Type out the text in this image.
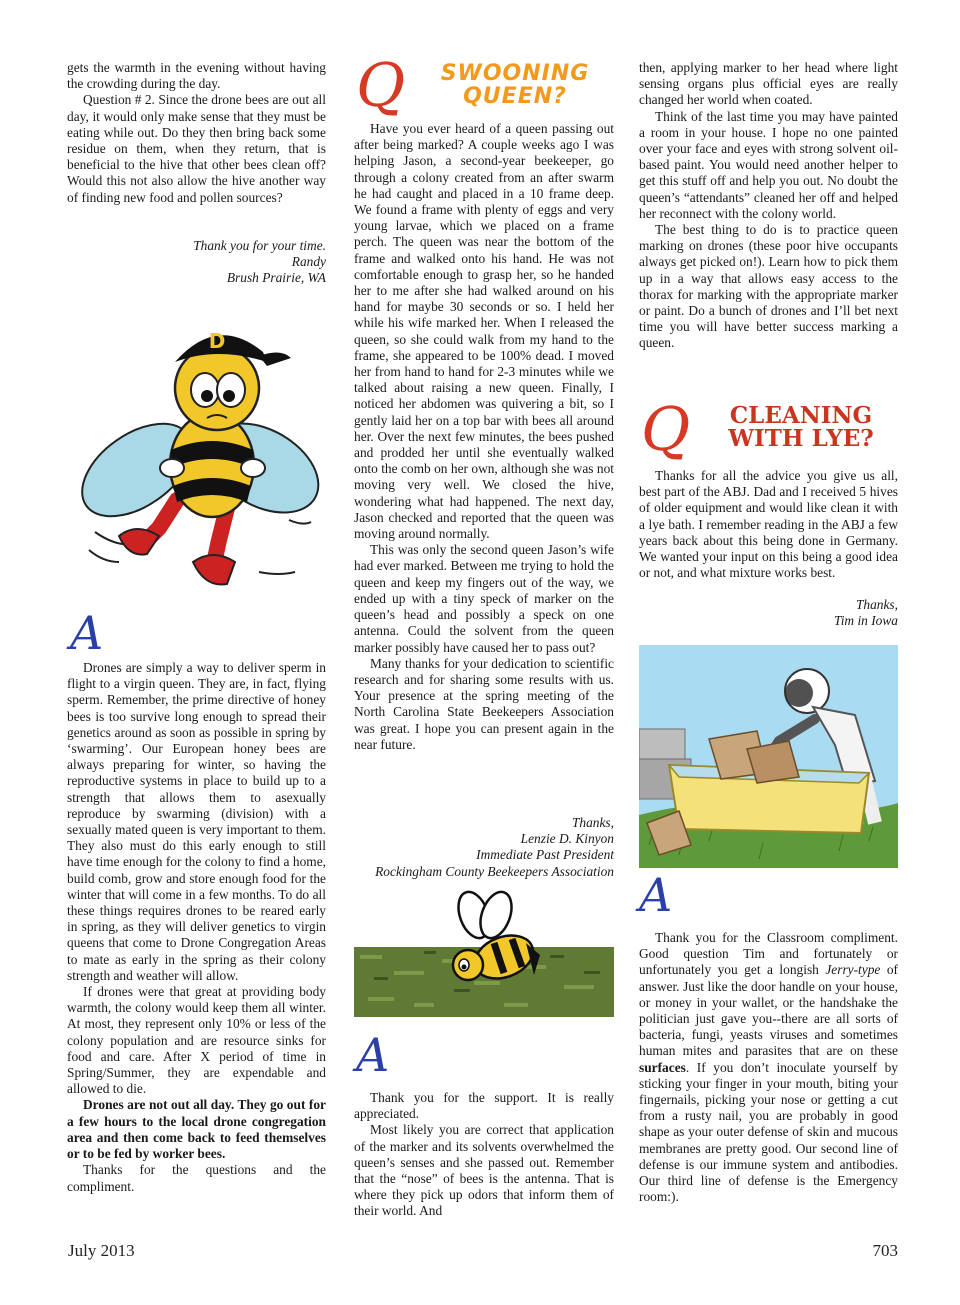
gets the warmth in the evening without having the crowding during the day.

Question # 2. Since the drone bees are out all day, it would only make sense that they must be eating while out. Do they then bring back some residue on them, when they return, that is beneficial to the hive that other bees clean off? Would this not also allow the hive another way of finding new food and pollen sources?

Thank you for your time.
Randy
Brush Prairie, WA
D
A

Drones are simply a way to deliver sperm in flight to a virgin queen. They are, in fact, flying sperm. Remember, the prime directive of honey bees is too survive long enough to spread their genetics around as soon as possible in spring by ‘swarming’. Our European honey bees are always preparing for winter, so having the reproductive systems in place to build up to a strength that allows them to asexually reproduce by swarming (division) with a sexually mated queen is very important to them. They also must do this early enough to still have time enough for the colony to find a home, build comb, grow and store enough food for the winter that will come in a few months. To do all these things requires drones to be reared early in spring, as they will deliver genetics to virgin queens that come to Drone Congregation Areas to mate as early in the spring as their colony strength and weather will allow.

If drones were that great at providing body warmth, the colony would keep them all winter. At most, they represent only 10% or less of the colony population and are resource sinks for food and care. After X period of time in Spring/Summer, they are expendable and allowed to die.

Drones are not out all day. They go out for a few hours to the local drone congregation area and then come back to feed themselves or to be fed by worker bees.

Thanks for the questions and the compliment.

Q	SWOONING
QUEEN?

Have you ever heard of a queen passing out after being marked? A couple weeks ago I was helping Jason, a second-year beekeeper, go through a colony created from an after swarm he had caught and placed in a 10 frame deep. We found a frame with plenty of eggs and very young larvae, which we placed on a frame perch. The queen was near the bottom of the frame and walked onto his hand. He was not comfortable enough to grasp her, so he handed her to me after she had walked around on his hand for maybe 30 seconds or so. I held her while his wife marked her. When I released the queen, so she could walk from my hand to the frame, she appeared to be 100% dead. I moved her from hand to hand for 2-3 minutes while we talked about raising a new queen. Finally, I noticed her abdomen was quivering a bit, so I gently laid her on a top bar with bees all around her. Over the next few minutes, the bees pushed and prodded her until she eventually walked onto the comb on her own, although she was not moving very well. We closed the hive, wondering what had happened. The next day, Jason checked and reported that the queen was moving around normally.

This was only the second queen Jason’s wife had ever marked. Between me trying to hold the queen and keep my fingers out of the way, we ended up with a tiny speck of marker on the queen’s head and possibly a speck on one antenna. Could the solvent from the queen marker possibly have caused her to pass out?

Many thanks for your dedication to scientific research and for sharing some results with us. Your presence at the spring meeting of the North Carolina State Beekeepers Association was great. I hope you can present again in the near future.

Thanks,
Lenzie D. Kinyon
Immediate Past President
Rockingham County Beekeepers Association
A

Thank you for the support. It is really appreciated.

Most likely you are correct that application of the marker and its solvents overwhelmed the queen’s senses and she passed out. Remember that the “nose” of bees is the antenna. That is where they pick up odors that inform them of their world. And

then, applying marker to her head where light sensing organs plus official eyes are really changed her world when coated.

Think of the last time you may have painted a room in your house. I hope no one painted over your face and eyes with strong solvent oil-based paint. You would need another helper to get this stuff off and help you out. No doubt the queen’s “attendants” cleaned her off and helped her reconnect with the colony world.

The best thing to do is to practice queen marking on drones (these poor hive occupants always get picked on!). Learn how to pick them up in a way that allows easy access to the thorax for marking with the appropriate marker or paint. Do a bunch of drones and I’ll bet next time you will have better success marking a queen.

Q	CLEANING
WITH LYE?

Thanks for all the advice you give us all, best part of the ABJ. Dad and I received 5 hives of older equipment and would like clean it with a lye bath. I remember reading in the ABJ a few years back about this being done in Germany. We wanted your input on this being a good idea or not, and what mixture works best.

Thanks,
Tim in Iowa
A

Thank you for the Classroom compliment. Good question Tim and fortunately or unfortunately you get a longish Jerry-type of answer. Just like the door handle on your house, or money in your wallet, or the handshake the politician just gave you--there are all sorts of bacteria, fungi, yeasts viruses and sometimes human mites and parasites that are on these surfaces. If you don’t inoculate yourself by sticking your finger in your mouth, biting your fingernails, picking your nose or getting a cut from a rusty nail, you are probably in good shape as your outer defense of skin and mucous membranes are pretty good. Our second line of defense is our immune system and antibodies. Our third line of defense is the Emergency room:).

July 2013	703
